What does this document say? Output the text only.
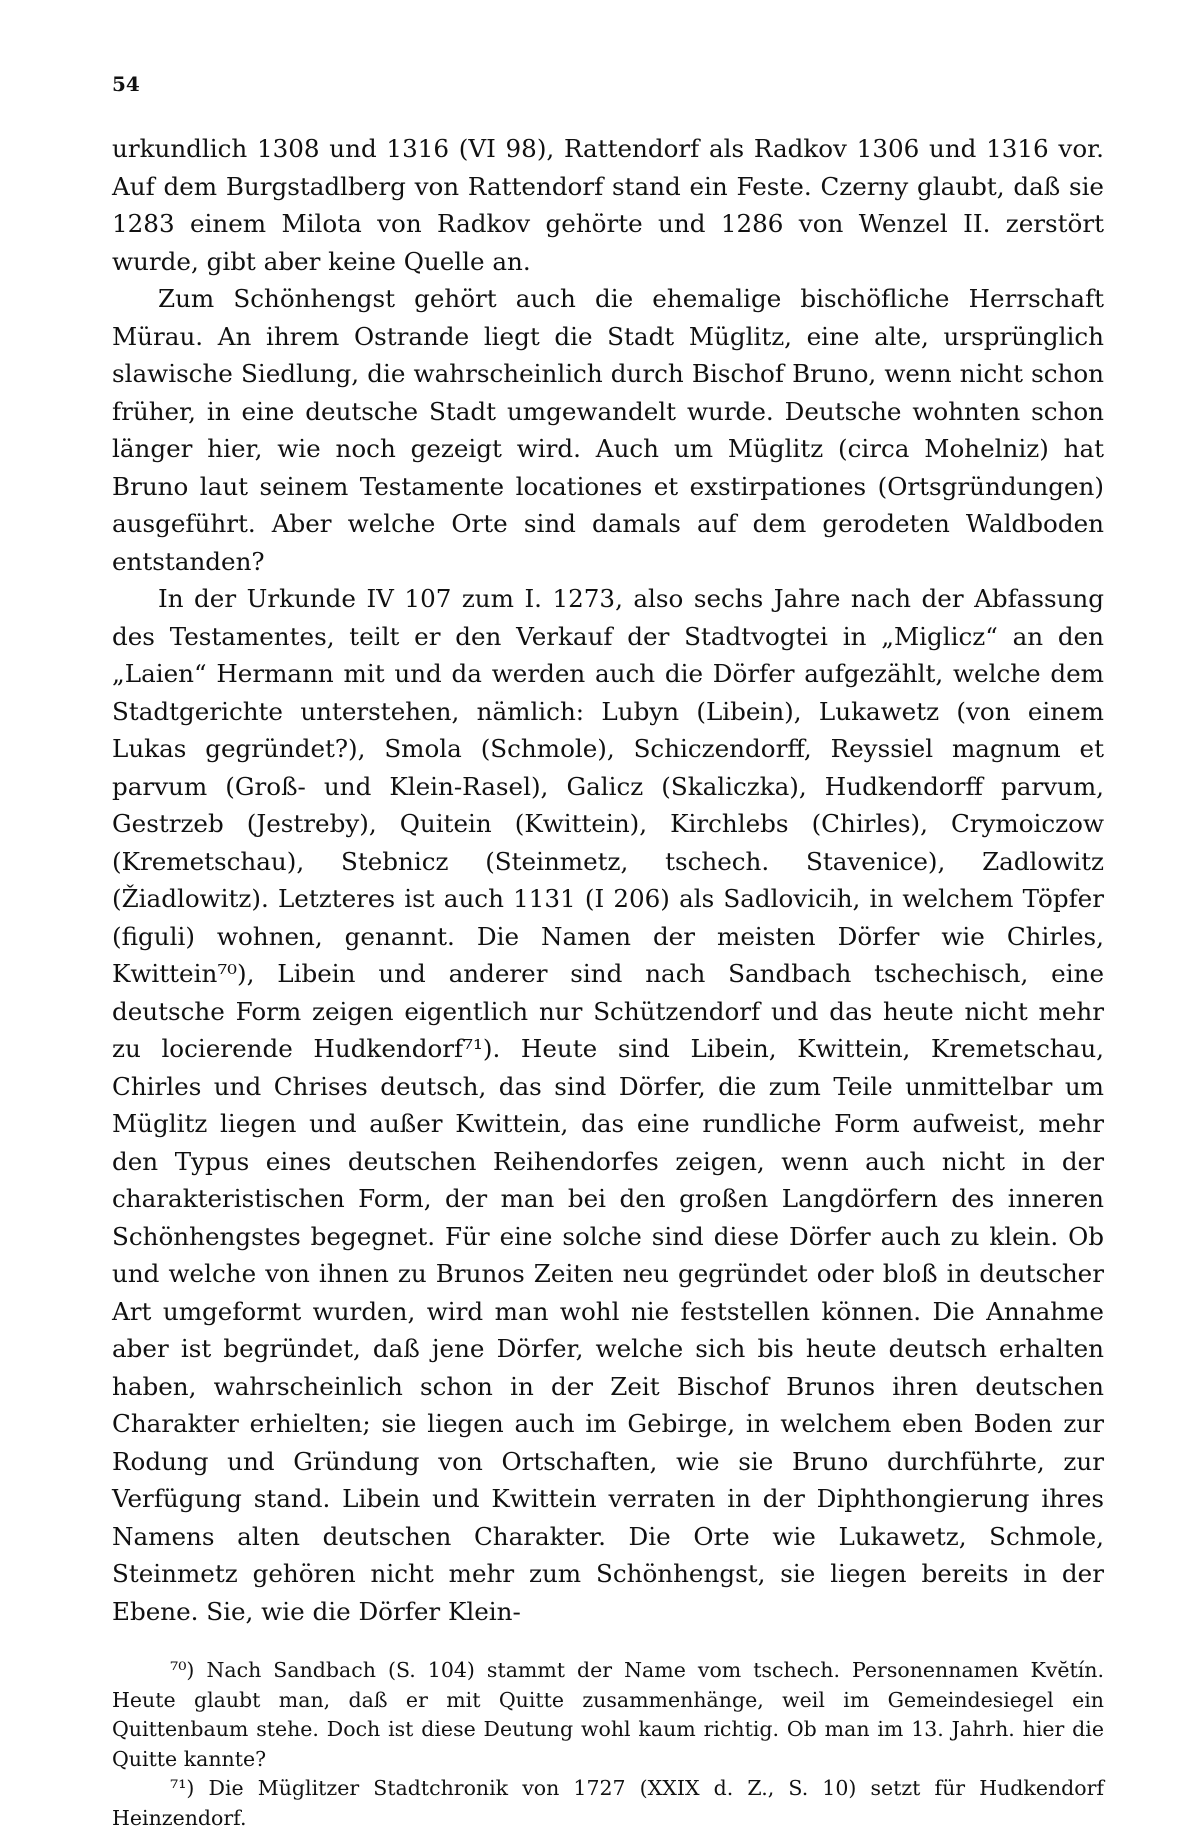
54

urkundlich 1308 und 1316 (VI 98), Rattendorf als Radkov 1306 und 1316 vor. Auf dem Burgstadlberg von Rattendorf stand ein Feste. Czerny glaubt, daß sie 1283 einem Milota von Radkov gehörte und 1286 von Wenzel II. zerstört wurde, gibt aber keine Quelle an.

Zum Schönhengst gehört auch die ehemalige bischöfliche Herrschaft Mürau. An ihrem Ostrande liegt die Stadt Müglitz, eine alte, ursprünglich slawische Siedlung, die wahrscheinlich durch Bischof Bruno, wenn nicht schon früher, in eine deutsche Stadt umgewandelt wurde. Deutsche wohnten schon länger hier, wie noch gezeigt wird. Auch um Müglitz (circa Mohelniz) hat Bruno laut seinem Testamente locationes et exstirpationes (Ortsgründungen) ausgeführt. Aber welche Orte sind damals auf dem gerodeten Waldboden entstanden?

In der Urkunde IV 107 zum I. 1273, also sechs Jahre nach der Abfassung des Testamentes, teilt er den Verkauf der Stadtvogtei in „Miglicz“ an den „Laien“ Hermann mit und da werden auch die Dörfer aufgezählt, welche dem Stadtgerichte unterstehen, nämlich: Lubyn (Libein), Lukawetz (von einem Lukas gegründet?), Smola (Schmole), Schiczendorff, Reyssiel magnum et parvum (Groß- und Klein-Rasel), Galicz (Skaliczka), Hudkendorff parvum, Gestrzeb (Jestreby), Quitein (Kwittein), Kirchlebs (Chirles), Crymoiczow (Kremetschau), Stebnicz (Steinmetz, tschech. Stavenice), Zadlowitz (Žiadlowitz). Letzteres ist auch 1131 (I 206) als Sadlovicih, in welchem Töpfer (figuli) wohnen, genannt. Die Namen der meisten Dörfer wie Chirles, Kwittein⁷⁰), Libein und anderer sind nach Sandbach tschechisch, eine deutsche Form zeigen eigentlich nur Schützendorf und das heute nicht mehr zu locierende Hudkendorf⁷¹). Heute sind Libein, Kwittein, Kremetschau, Chirles und Chrises deutsch, das sind Dörfer, die zum Teile unmittelbar um Müglitz liegen und außer Kwittein, das eine rundliche Form aufweist, mehr den Typus eines deutschen Reihendorfes zeigen, wenn auch nicht in der charakteristischen Form, der man bei den großen Langdörfern des inneren Schönhengstes begegnet. Für eine solche sind diese Dörfer auch zu klein. Ob und welche von ihnen zu Brunos Zeiten neu gegründet oder bloß in deutscher Art umgeformt wurden, wird man wohl nie feststellen können. Die Annahme aber ist begründet, daß jene Dörfer, welche sich bis heute deutsch erhalten haben, wahrscheinlich schon in der Zeit Bischof Brunos ihren deutschen Charakter erhielten; sie liegen auch im Gebirge, in welchem eben Boden zur Rodung und Gründung von Ortschaften, wie sie Bruno durchführte, zur Verfügung stand. Libein und Kwittein verraten in der Diphthongierung ihres Namens alten deutschen Charakter. Die Orte wie Lukawetz, Schmole, Steinmetz gehören nicht mehr zum Schönhengst, sie liegen bereits in der Ebene. Sie, wie die Dörfer Klein-

⁷⁰) Nach Sandbach (S. 104) stammt der Name vom tschech. Personennamen Kvĕtín. Heute glaubt man, daß er mit Quitte zusammenhänge, weil im Gemeindesiegel ein Quittenbaum stehe. Doch ist diese Deutung wohl kaum richtig. Ob man im 13. Jahrh. hier die Quitte kannte?

⁷¹) Die Müglitzer Stadtchronik von 1727 (XXIX d. Z., S. 10) setzt für Hudkendorf Heinzendorf.
